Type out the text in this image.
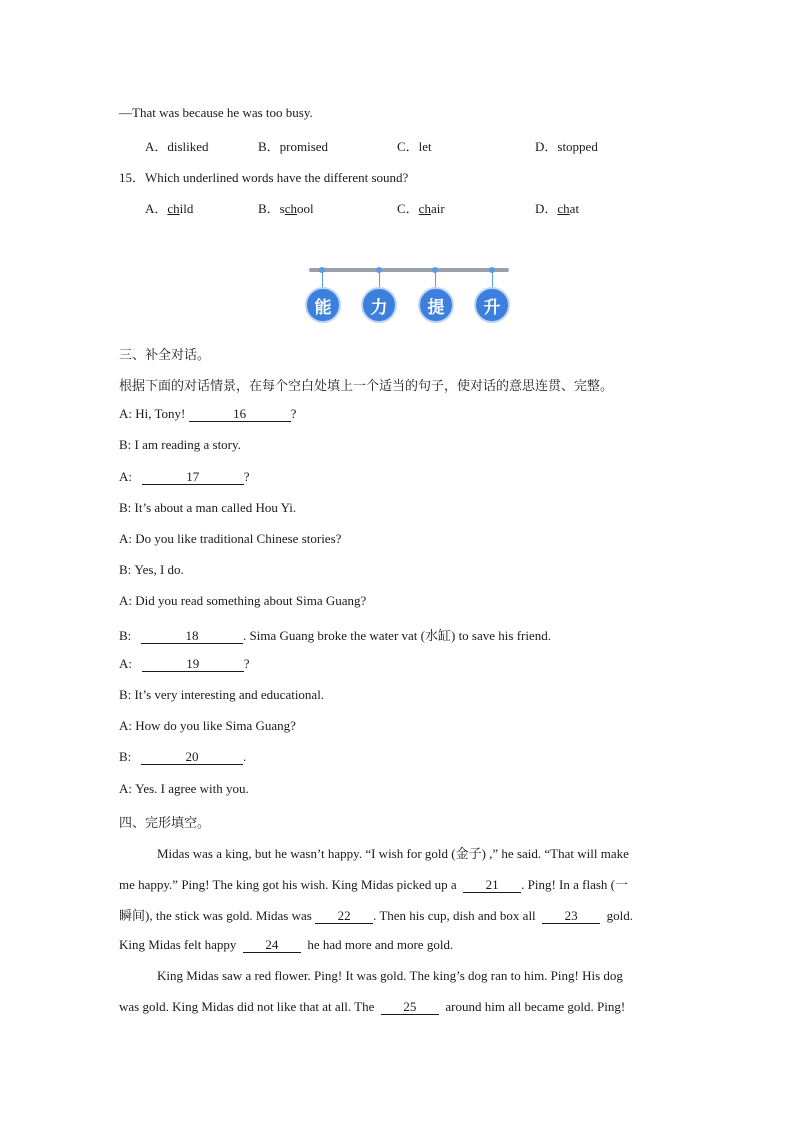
—That was because he was too busy.
A．disliked	B．promised	C．let	D．stopped
15．Which underlined words have the different sound?
A．child	B．school	C．chair	D．chat
能	力	提	升
三、补全对话。
根据下面的对话情景，在每个空白处填上一个适当的句子，使对话的意思连贯、完整。
A: Hi, Tony!	16	?
B: I am reading a story.
A:	17	?
B: It’s about a man called Hou Yi.
A: Do you like traditional Chinese stories?
B: Yes, I do.
A: Did you read something about Sima Guang?
B:	18	. Sima Guang broke the water vat (水缸) to save his friend.
A:	19	?
B: It’s very interesting and educational.
A: How do you like Sima Guang?
B:	20	.
A: Yes. I agree with you.
四、完形填空。
Midas was a king, but he wasn’t happy. “I wish for gold (金子) ,” he said. “That will make
me happy.” Ping! The king got his wish. King Midas picked up a 21 . Ping! In a flash (一
瞬间), the stick was gold. Midas was 22 . Then his cup, dish and box all 23 gold.
King Midas felt happy 24 he had more and more gold.
King Midas saw a red flower. Ping! It was gold. The king’s dog ran to him. Ping! His dog
was gold. King Midas did not like that at all. The 25 around him all became gold. Ping!
